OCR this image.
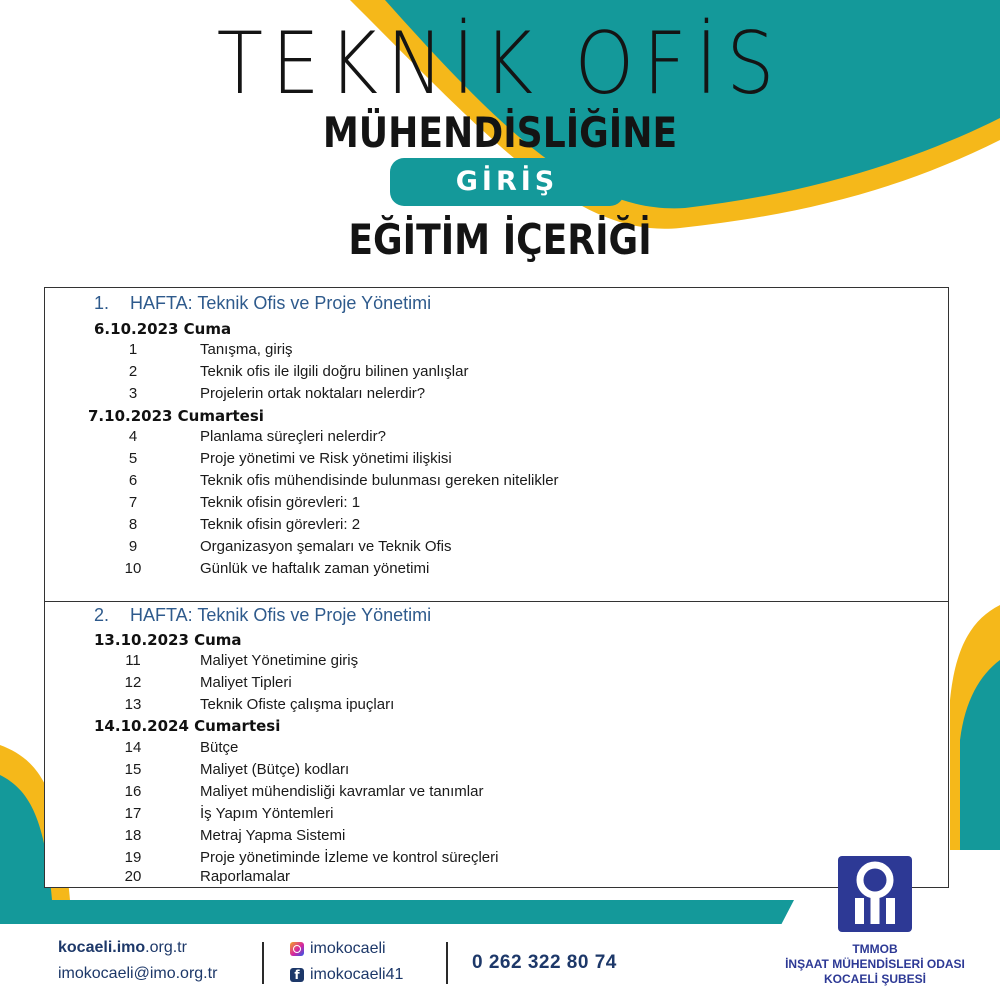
TEKNİK OFİS
MÜHENDİSLİĞİNE
GİRİŞ
EĞİTİM İÇERİĞİ
1. HAFTA: Teknik Ofis ve Proje Yönetimi
6.10.2023 Cuma
1	Tanışma, giriş
2	Teknik ofis ile ilgili doğru bilinen yanlışlar
3	Projelerin ortak noktaları nelerdir?
7.10.2023 Cumartesi
4	Planlama süreçleri nelerdir?
5	Proje yönetimi ve Risk yönetimi ilişkisi
6	Teknik ofis mühendisinde bulunması gereken nitelikler
7	Teknik ofisin görevleri: 1
8	Teknik ofisin görevleri: 2
9	Organizasyon şemaları ve Teknik Ofis
10	Günlük ve haftalık zaman yönetimi
2. HAFTA: Teknik Ofis ve Proje Yönetimi
13.10.2023 Cuma
11	Maliyet Yönetimine giriş
12	Maliyet Tipleri
13	Teknik Ofiste çalışma ipuçları
14.10.2024 Cumartesi
14	Bütçe
15	Maliyet (Bütçe) kodları
16	Maliyet mühendisliği kavramlar ve tanımlar
17	İş Yapım Yöntemleri
18	Metraj Yapma Sistemi
19	Proje yönetiminde İzleme ve kontrol süreçleri
20	Raporlamalar
kocaeli.imo.org.tr
imokocaeli@imo.org.tr
imokocaeli
f imokocaeli41
0 262 322 80 74
TMMOB
İNŞAAT MÜHENDİSLERİ ODASI
KOCAELİ ŞUBESİ
